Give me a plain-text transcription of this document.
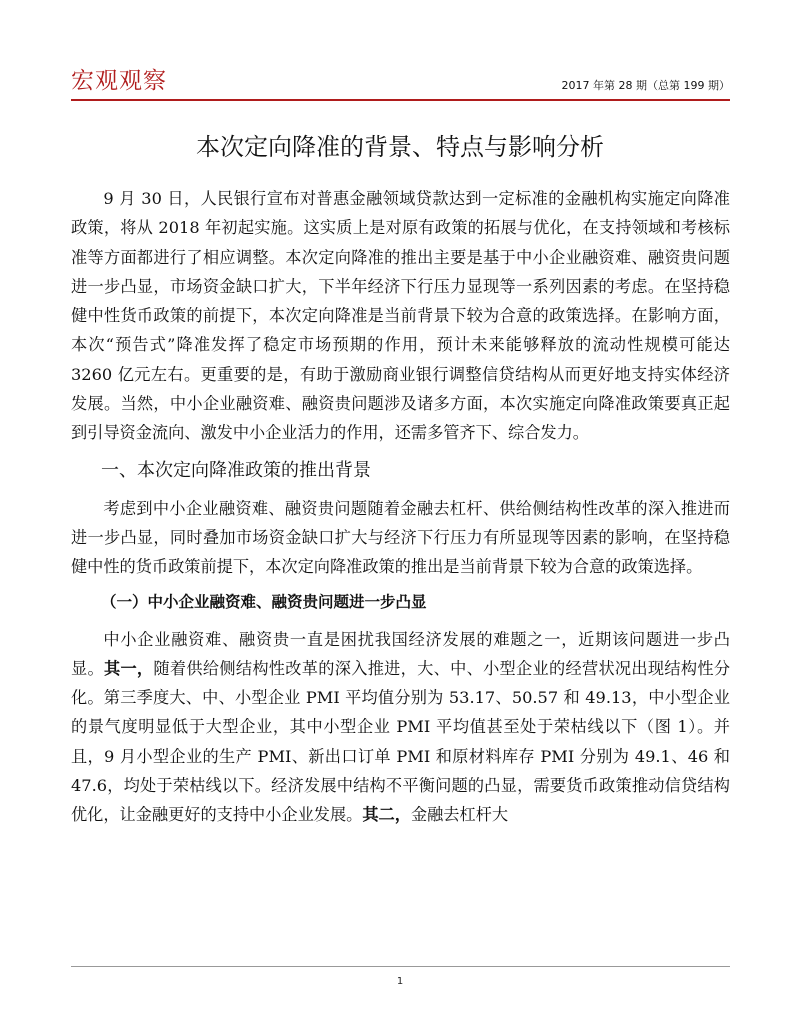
宏观观察	2017 年第 28 期（总第 199 期）
本次定向降准的背景、特点与影响分析

9 月 30 日，人民银行宣布对普惠金融领域贷款达到一定标准的金融机构实施定向降准政策，将从 2018 年初起实施。这实质上是对原有政策的拓展与优化，在支持领域和考核标准等方面都进行了相应调整。本次定向降准的推出主要是基于中小企业融资难、融资贵问题进一步凸显，市场资金缺口扩大，下半年经济下行压力显现等一系列因素的考虑。在坚持稳健中性货币政策的前提下，本次定向降准是当前背景下较为合意的政策选择。在影响方面，本次“预告式”降准发挥了稳定市场预期的作用，预计未来能够释放的流动性规模可能达 3260 亿元左右。更重要的是，有助于激励商业银行调整信贷结构从而更好地支持实体经济发展。当然，中小企业融资难、融资贵问题涉及诸多方面，本次实施定向降准政策要真正起到引导资金流向、激发中小企业活力的作用，还需多管齐下、综合发力。

一、本次定向降准政策的推出背景

考虑到中小企业融资难、融资贵问题随着金融去杠杆、供给侧结构性改革的深入推进而进一步凸显，同时叠加市场资金缺口扩大与经济下行压力有所显现等因素的影响，在坚持稳健中性的货币政策前提下，本次定向降准政策的推出是当前背景下较为合意的政策选择。

（一）中小企业融资难、融资贵问题进一步凸显

中小企业融资难、融资贵一直是困扰我国经济发展的难题之一，近期该问题进一步凸显。其一，随着供给侧结构性改革的深入推进，大、中、小型企业的经营状况出现结构性分化。第三季度大、中、小型企业 PMI 平均值分别为 53.17、50.57 和 49.13，中小型企业的景气度明显低于大型企业，其中小型企业 PMI 平均值甚至处于荣枯线以下（图 1）。并且，9 月小型企业的生产 PMI、新出口订单 PMI 和原材料库存 PMI 分别为 49.1、46 和 47.6，均处于荣枯线以下。经济发展中结构不平衡问题的凸显，需要货币政策推动信贷结构优化，让金融更好的支持中小企业发展。其二，金融去杠杆大

1
